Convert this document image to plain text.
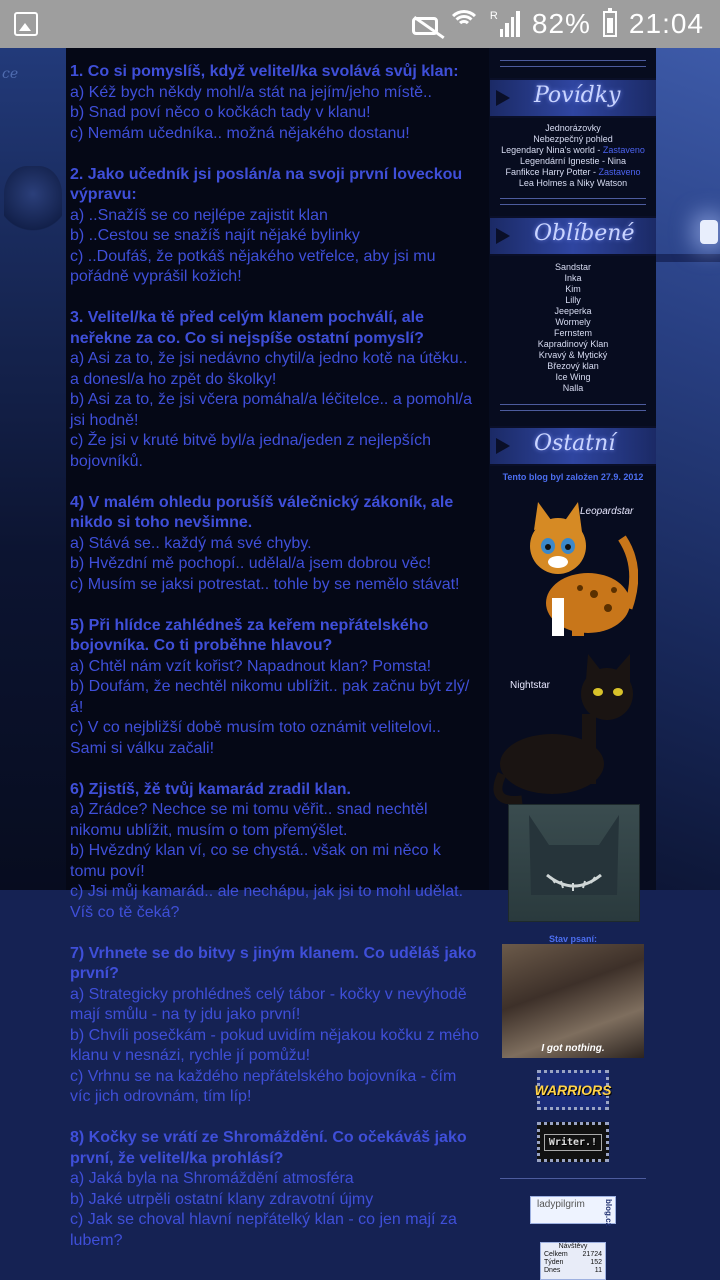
R 82% 21:04
ce	1. Co si pomyslíš, když velitel/ka svolává svůj klan:
a) Kéž bych někdy mohl/a stát na jejím/jeho místě..
b) Snad poví něco o kočkách tady v klanu!
c) Nemám učedníka.. možná nějakého dostanu!
2. Jako učedník jsi poslán/a na svoji první loveckou výpravu:
a) ..Snažíš se co nejlépe zajistit klan
b) ..Cestou se snažíš najít nějaké bylinky
c) ..Doufáš, že potkáš nějakého vetřelce, aby jsi mu pořádně vyprášil kožich!
3. Velitel/ka tě před celým klanem pochválí, ale neřekne za co. Co si nejspíše ostatní pomyslí?
a) Asi za to, že jsi nedávno chytil/a jedno kotě na útěku.. a donesl/a ho zpět do školky!
b) Asi za to, že jsi včera pomáhal/a léčitelce.. a pomohl/a jsi hodně!
c) Že jsi v kruté bitvě byl/a jedna/jeden z nejlepších bojovníků.
4) V malém ohledu porušíš válečnický zákoník, ale nikdo si toho nevšimne.
a) Stává se.. každý má své chyby.
b) Hvězdní mě pochopí.. udělal/a jsem dobrou věc!
c) Musím se jaksi potrestat.. tohle by se nemělo stávat!
5) Při hlídce zahlédneš za keřem nepřátelského bojovníka. Co ti proběhne hlavou?
a) Chtěl nám vzít kořist? Napadnout klan? Pomsta!
b) Doufám, že nechtěl nikomu ublížit.. pak začnu být zlý/á!
c) V co nejbližší době musím toto oznámit velitelovi.. Sami si válku začali!
6) Zjistíš, žě tvůj kamarád zradil klan.
a) Zrádce? Nechce se mi tomu věřit.. snad nechtěl nikomu ublížit, musím o tom přemýšlet.
b) Hvězdný klan ví, co se chystá.. však on mi něco k tomu poví!
c) Jsi můj kamarád.. ale nechápu, jak jsi to mohl udělat. Víš co tě čeká?
7) Vrhnete se do bitvy s jiným klanem. Co uděláš jako první?
a) Strategicky prohlédneš celý tábor - kočky v nevýhodě mají smůlu - na ty jdu jako první!
b) Chvíli posečkám - pokud uvidím nějakou kočku z mého klanu v nesnázi, rychle jí pomůžu!
c) Vrhnu se na každého nepřátelského bojovníka - čím víc jich odrovnám, tím líp!
8) Kočky se vrátí ze Shromáždění. Co očekáváš jako první, že velitel/ka prohlásí?
a) Jaká byla na Shromáždění atmosféra
b) Jaké utrpěli ostatní klany zdravotní újmy
c) Jak se choval hlavní nepřátelký klan - co jen mají za lubem?
Povídky
Jednorázovky
Nebezpečný pohled
Legendary Nina's world - Zastaveno
Legendární Ignestie - Nina
Fanfikce Harry Potter - Zastaveno
Lea Holmes a Niky Watson
Oblíbené
Sandstar
Inka
Kim
Lilly
Jeeperka
Wormely
Fernstem
Kapradinový Klan
Krvavý & Mytický
Březový klan
Ice Wing
Nalla
Ostatní
Tento blog byl založen 27.9. 2012
Leopardstar
Nightstar
Stav psaní:
I got nothing.
WARRIORS
Writer.!
ladypilgrim blog.cz
Návštěvy
Celkem 21724
Týden	152
Dnes	11
